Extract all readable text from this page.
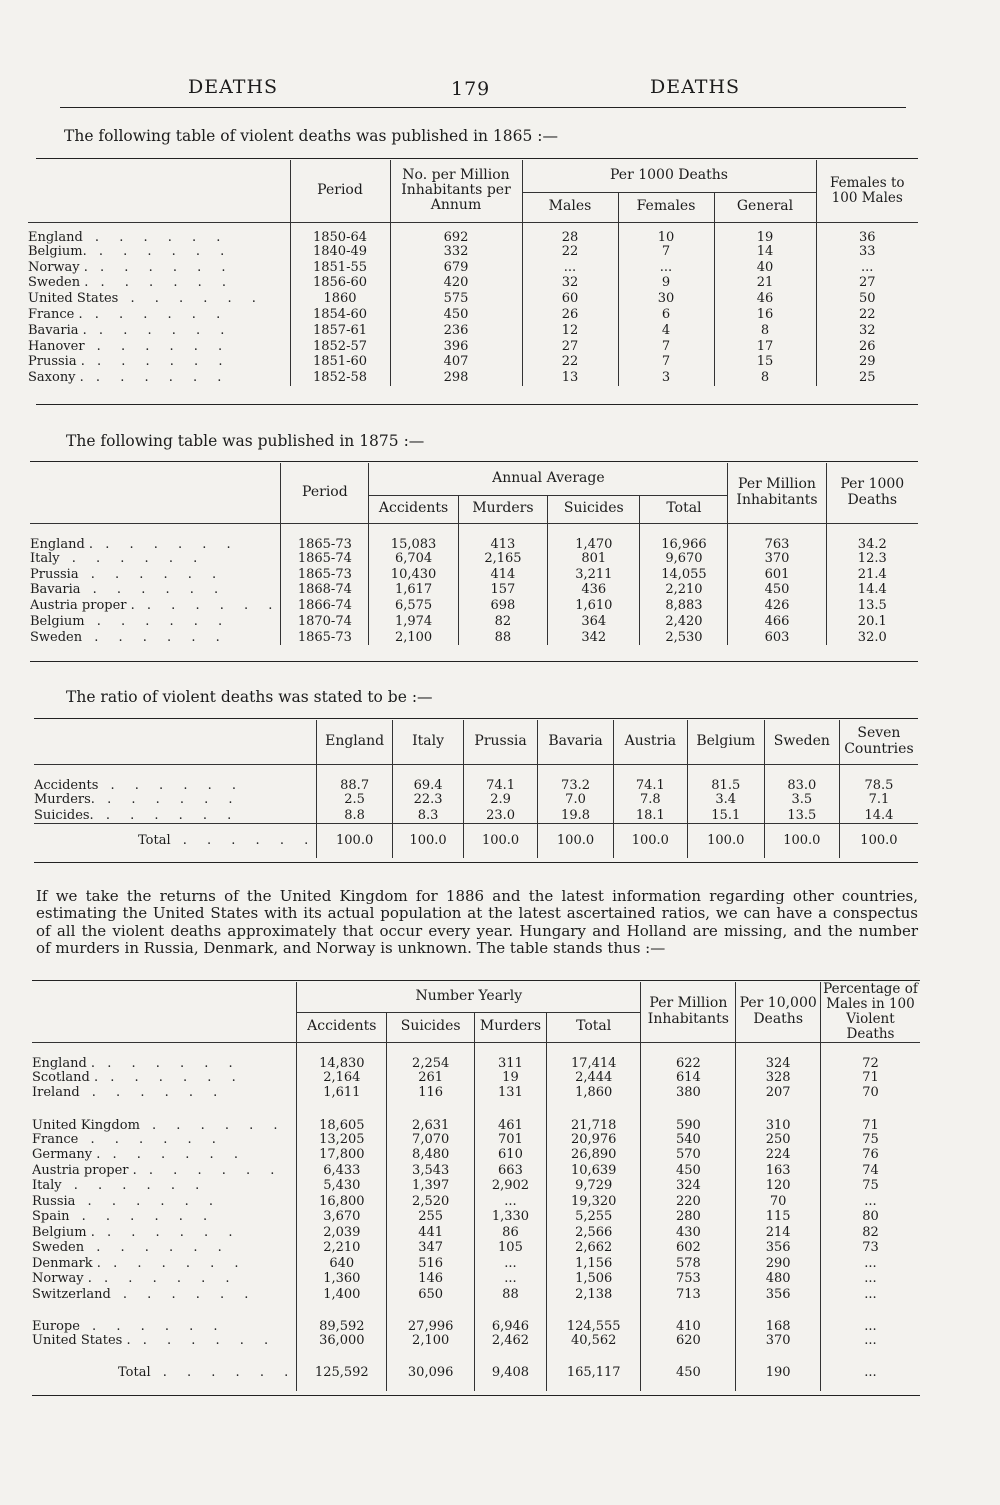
DEATHS	179	DEATHS
The following table of violent deaths was published in 1865 :—
	Period	No. per Million Inhabitants per Annum	Per 1000 Deaths			Females to 100 Males
			Males	Females	General	
England . . . . . .	1850-64	692	28	10	19	36
Belgium. . . . . . .	1840-49	332	22	7	14	33
Norway . . . . . . .	1851-55	679	...	...	40	...
Sweden . . . . . . .	1856-60	420	32	9	21	27
United States . . . . . .	1860	575	60	30	46	50
France . . . . . . .	1854-60	450	26	6	16	22
Bavaria . . . . . . .	1857-61	236	12	4	8	32
Hanover . . . . . .	1852-57	396	27	7	17	26
Prussia . . . . . . .	1851-60	407	22	7	15	29
Saxony . . . . . . .	1852-58	298	13	3	8	25
The following table was published in 1875 :—
	Period	Annual Average				Per Million Inhabitants	Per 1000 Deaths
		Accidents	Murders	Suicides	Total		
England . . . . . . .	1865-73	15,083	413	1,470	16,966	763	34.2
Italy . . . . . .	1865-74	6,704	2,165	801	9,670	370	12.3
Prussia . . . . . .	1865-73	10,430	414	3,211	14,055	601	21.4
Bavaria . . . . . .	1868-74	1,617	157	436	2,210	450	14.4
Austria proper . . . . . . .	1866-74	6,575	698	1,610	8,883	426	13.5
Belgium . . . . . .	1870-74	1,974	82	364	2,420	466	20.1
Sweden . . . . . .	1865-73	2,100	88	342	2,530	603	32.0
The ratio of violent deaths was stated to be :—
	England	Italy	Prussia	Bavaria	Austria	Belgium	Sweden	Seven Countries
Accidents . . . . . .	88.7	69.4	74.1	73.2	74.1	81.5	83.0	78.5
Murders. . . . . . .	2.5	22.3	2.9	7.0	7.8	3.4	3.5	7.1
Suicides. . . . . . .	8.8	8.3	23.0	19.8	18.1	15.1	13.5	14.4
Total . . . . . .	100.0	100.0	100.0	100.0	100.0	100.0	100.0	100.0
If we take the returns of the United Kingdom for 1886 and the latest information regarding other countries,
estimating the United States with its actual population at the latest ascertained ratios, we can have a conspectus
of all the violent deaths approximately that occur every year. Hungary and Holland are missing, and the number
of murders in Russia, Denmark, and Norway is unknown. The table stands thus :—
	Number Yearly				Per Million Inhabitants	Per 10,000 Deaths	Percentage of Males in 100 Violent Deaths
	Accidents	Suicides	Murders	Total			
England . . . . . . .	14,830	2,254	311	17,414	622	324	72
Scotland . . . . . . .	2,164	261	19	2,444	614	328	71
Ireland . . . . . .	1,611	116	131	1,860	380	207	70
United Kingdom . . . . . .	18,605	2,631	461	21,718	590	310	71
France . . . . . .	13,205	7,070	701	20,976	540	250	75
Germany . . . . . . .	17,800	8,480	610	26,890	570	224	76
Austria proper . . . . . . .	6,433	3,543	663	10,639	450	163	74
Italy . . . . . .	5,430	1,397	2,902	9,729	324	120	75
Russia . . . . . .	16,800	2,520	...	19,320	220	70	...
Spain . . . . . .	3,670	255	1,330	5,255	280	115	80
Belgium . . . . . . .	2,039	441	86	2,566	430	214	82
Sweden . . . . . .	2,210	347	105	2,662	602	356	73
Denmark . . . . . . .	640	516	...	1,156	578	290	...
Norway . . . . . . .	1,360	146	...	1,506	753	480	...
Switzerland . . . . . .	1,400	650	88	2,138	713	356	...
Europe . . . . . .	89,592	27,996	6,946	124,555	410	168	...
United States . . . . . . .	36,000	2,100	2,462	40,562	620	370	...
Total . . . . . .	125,592	30,096	9,408	165,117	450	190	...
